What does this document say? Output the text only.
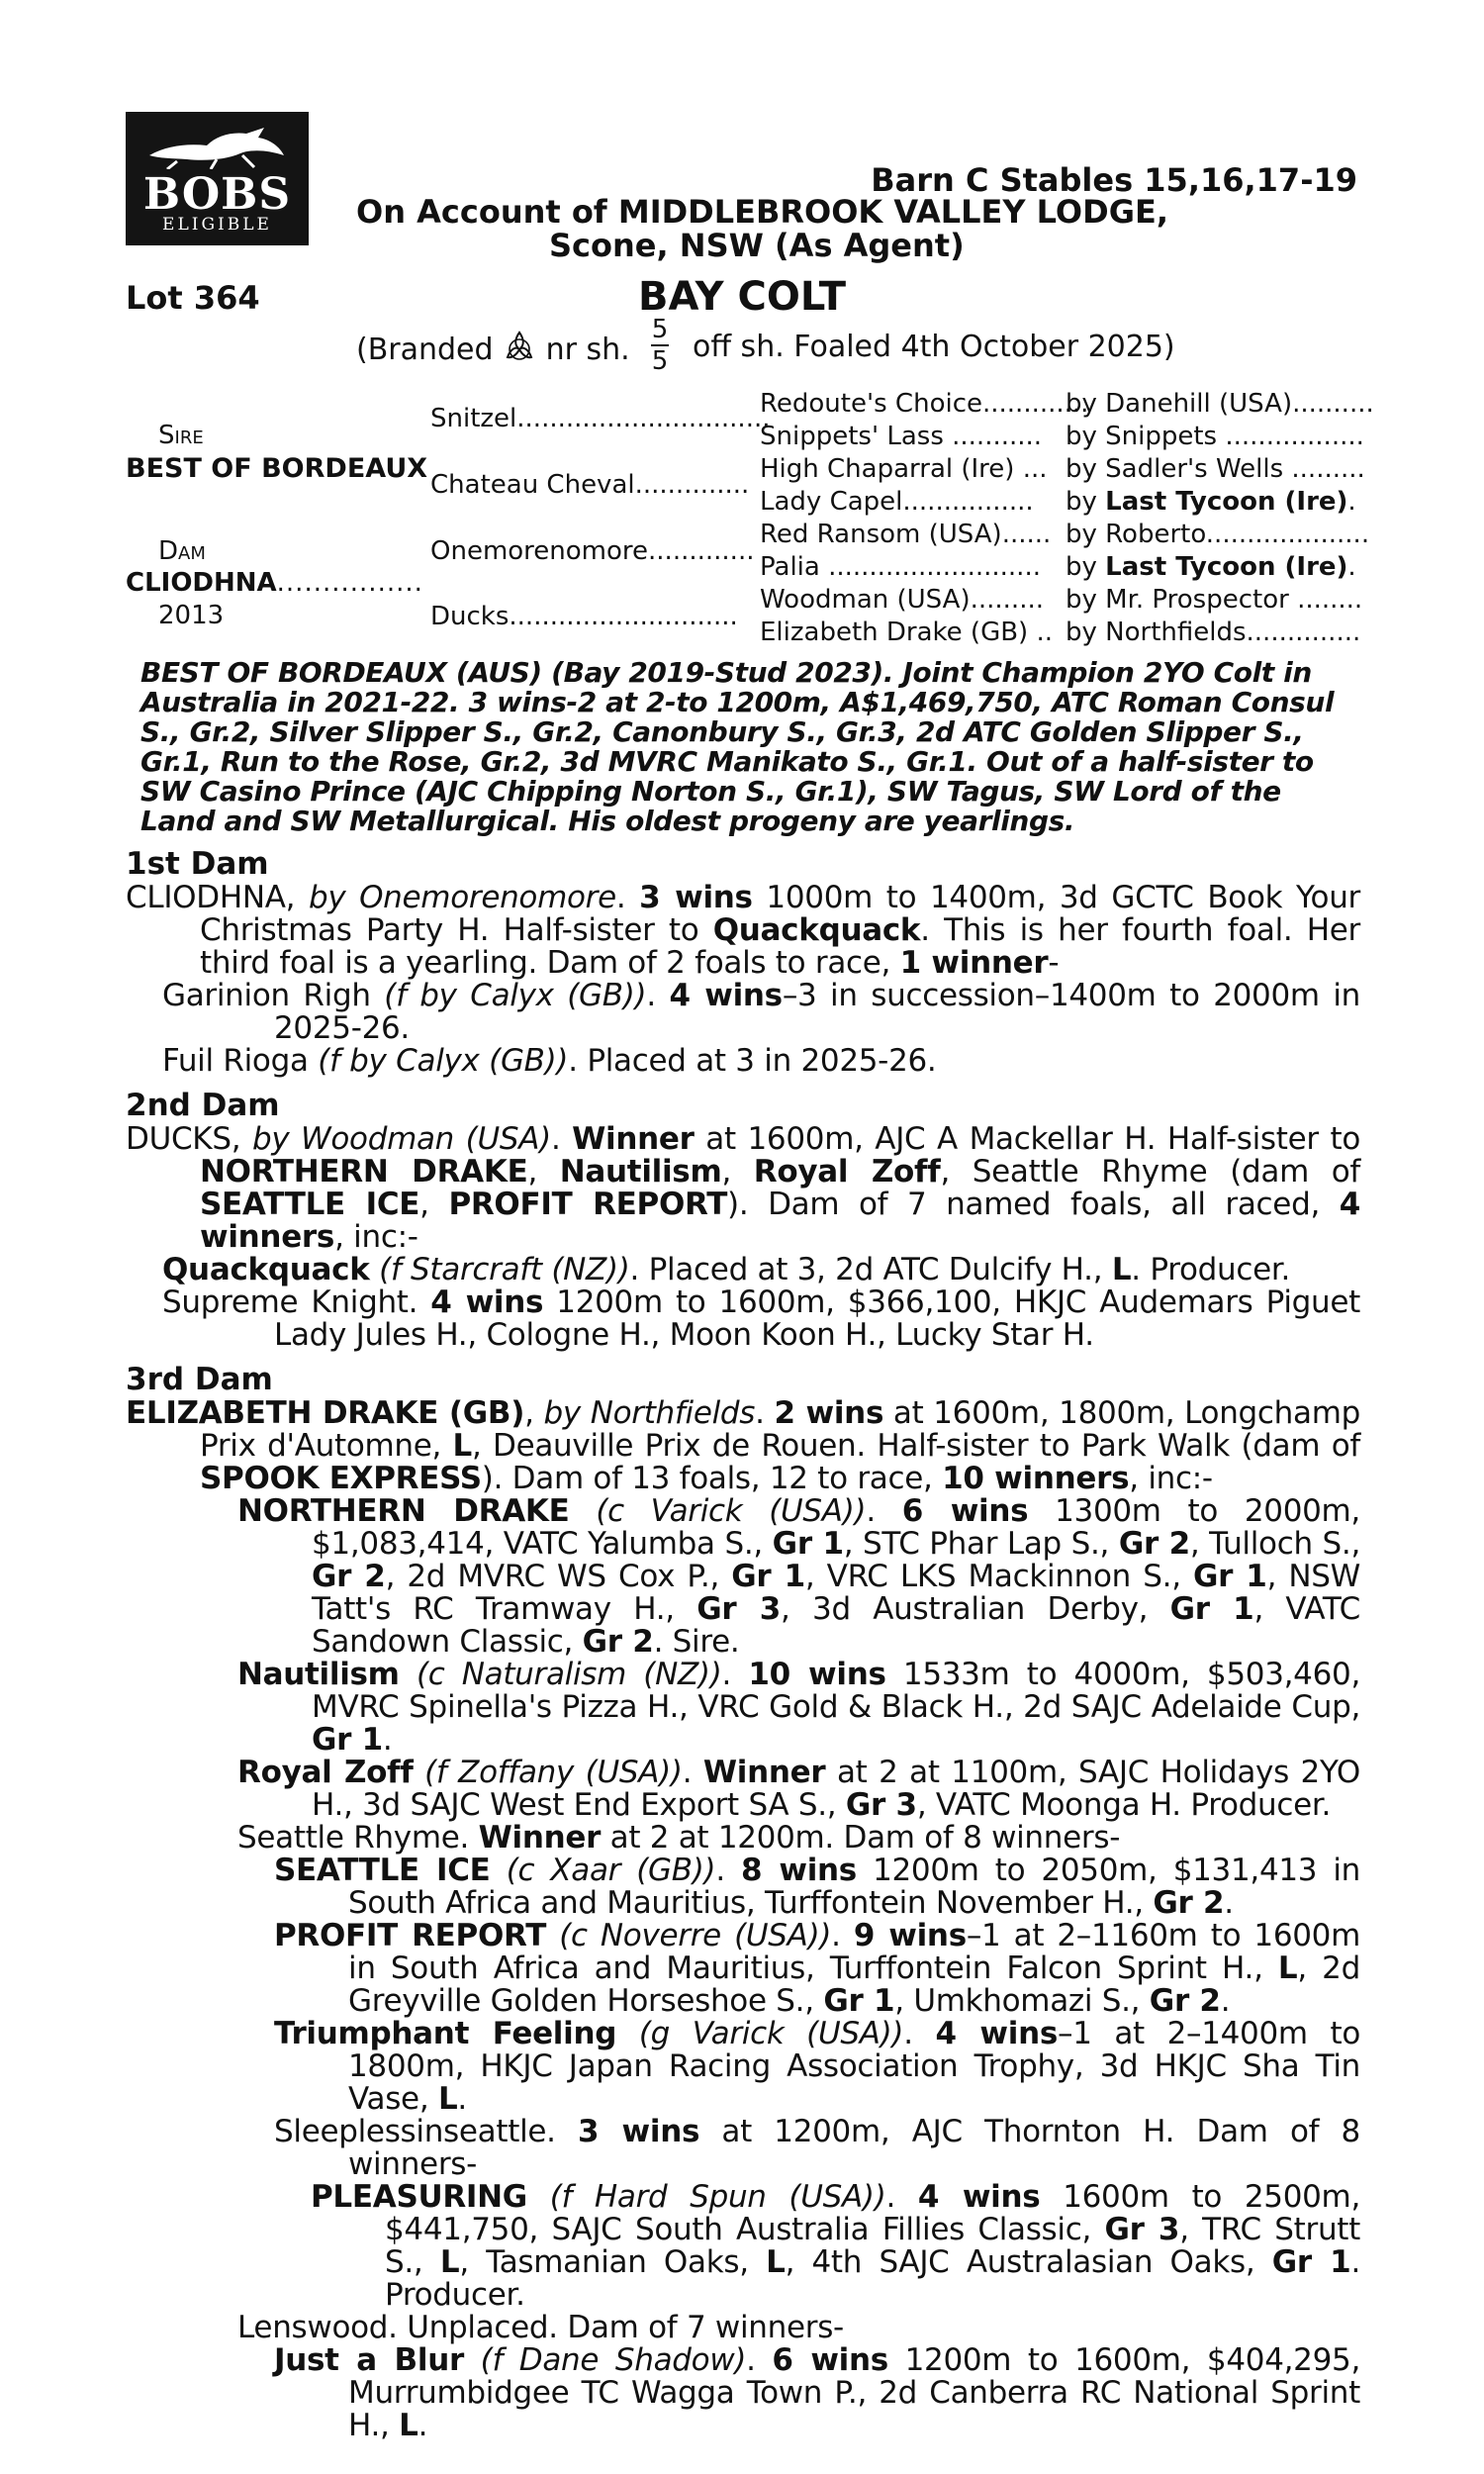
BOBS
ELIGIBLE
Barn C Stables 15,16,17-19
On Account of MIDDLEBROOK VALLEY LODGE,
Scone, NSW (As Agent)
Lot 364	BAY COLT
(Branded nr sh.
5
5 off sh. Foaled 4th October 2025)
Sire
BEST OF BORDEAUX
Dam
CLIODHNA................
2013
Snitzel...............................
Chateau Cheval..............
Onemorenomore.............
Ducks............................
Redoute's Choice.............
Snippets' Lass ...........
High Chaparral (Ire) ...
Lady Capel................
Red Ransom (USA)......
Palia ..........................
Woodman (USA).........
Elizabeth Drake (GB) ..
by Danehill (USA)..........
by Snippets .................
by Sadler's Wells .........
by Last Tycoon (Ire).
by Roberto....................
by Last Tycoon (Ire).
by Mr. Prospector ........
by Northfields..............
BEST OF BORDEAUX (AUS) (Bay 2019-Stud 2023). Joint Champion 2YO Colt in Australia in 2021-22. 3 wins-2 at 2-to 1200m, A$1,469,750, ATC Roman Consul S., Gr.2, Silver Slipper S., Gr.2, Canonbury S., Gr.3, 2d ATC Golden Slipper S., Gr.1, Run to the Rose, Gr.2, 3d MVRC Manikato S., Gr.1. Out of a half-sister to SW Casino Prince (AJC Chipping Norton S., Gr.1), SW Tagus, SW Lord of the Land and SW Metallurgical. His oldest progeny are yearlings.
1st Dam
CLIODHNA, by Onemorenomore. 3 wins 1000m to 1400m, 3d GCTC Book Your Christmas Party H. Half-sister to Quackquack. This is her fourth foal. Her third foal is a yearling. Dam of 2 foals to race, 1 winner-
Garinion Righ (f by Calyx (GB)). 4 wins–3 in succession–1400m to 2000m in 2025-26.
Fuil Rioga (f by Calyx (GB)). Placed at 3 in 2025-26.
2nd Dam
DUCKS, by Woodman (USA). Winner at 1600m, AJC A Mackellar H. Half-sister to NORTHERN DRAKE, Nautilism, Royal Zoff, Seattle Rhyme (dam of SEATTLE ICE, PROFIT REPORT). Dam of 7 named foals, all raced, 4 winners, inc:-
Quackquack (f Starcraft (NZ)). Placed at 3, 2d ATC Dulcify H., L. Producer.
Supreme Knight. 4 wins 1200m to 1600m, $366,100, HKJC Audemars Piguet Lady Jules H., Cologne H., Moon Koon H., Lucky Star H.
3rd Dam
ELIZABETH DRAKE (GB), by Northfields. 2 wins at 1600m, 1800m, Longchamp Prix d'Automne, L, Deauville Prix de Rouen. Half-sister to Park Walk (dam of SPOOK EXPRESS). Dam of 13 foals, 12 to race, 10 winners, inc:-
NORTHERN DRAKE (c Varick (USA)). 6 wins 1300m to 2000m, $1,083,414, VATC Yalumba S., Gr 1, STC Phar Lap S., Gr 2, Tulloch S., Gr 2, 2d MVRC WS Cox P., Gr 1, VRC LKS Mackinnon S., Gr 1, NSW Tatt's RC Tramway H., Gr 3, 3d Australian Derby, Gr 1, VATC Sandown Classic, Gr 2. Sire.
Nautilism (c Naturalism (NZ)). 10 wins 1533m to 4000m, $503,460, MVRC Spinella's Pizza H., VRC Gold & Black H., 2d SAJC Adelaide Cup, Gr 1.
Royal Zoff (f Zoffany (USA)). Winner at 2 at 1100m, SAJC Holidays 2YO H., 3d SAJC West End Export SA S., Gr 3, VATC Moonga H. Producer.
Seattle Rhyme. Winner at 2 at 1200m. Dam of 8 winners-
SEATTLE ICE (c Xaar (GB)). 8 wins 1200m to 2050m, $131,413 in South Africa and Mauritius, Turffontein November H., Gr 2.
PROFIT REPORT (c Noverre (USA)). 9 wins–1 at 2–1160m to 1600m in South Africa and Mauritius, Turffontein Falcon Sprint H., L, 2d Greyville Golden Horseshoe S., Gr 1, Umkhomazi S., Gr 2.
Triumphant Feeling (g Varick (USA)). 4 wins–1 at 2–1400m to 1800m, HKJC Japan Racing Association Trophy, 3d HKJC Sha Tin Vase, L.
Sleeplessinseattle. 3 wins at 1200m, AJC Thornton H. Dam of 8 winners-
PLEASURING (f Hard Spun (USA)). 4 wins 1600m to 2500m, $441,750, SAJC South Australia Fillies Classic, Gr 3, TRC Strutt S., L, Tasmanian Oaks, L, 4th SAJC Australasian Oaks, Gr 1. Producer.
Lenswood. Unplaced. Dam of 7 winners-
Just a Blur (f Dane Shadow). 6 wins 1200m to 1600m, $404,295, Murrumbidgee TC Wagga Town P., 2d Canberra RC National Sprint H., L.
